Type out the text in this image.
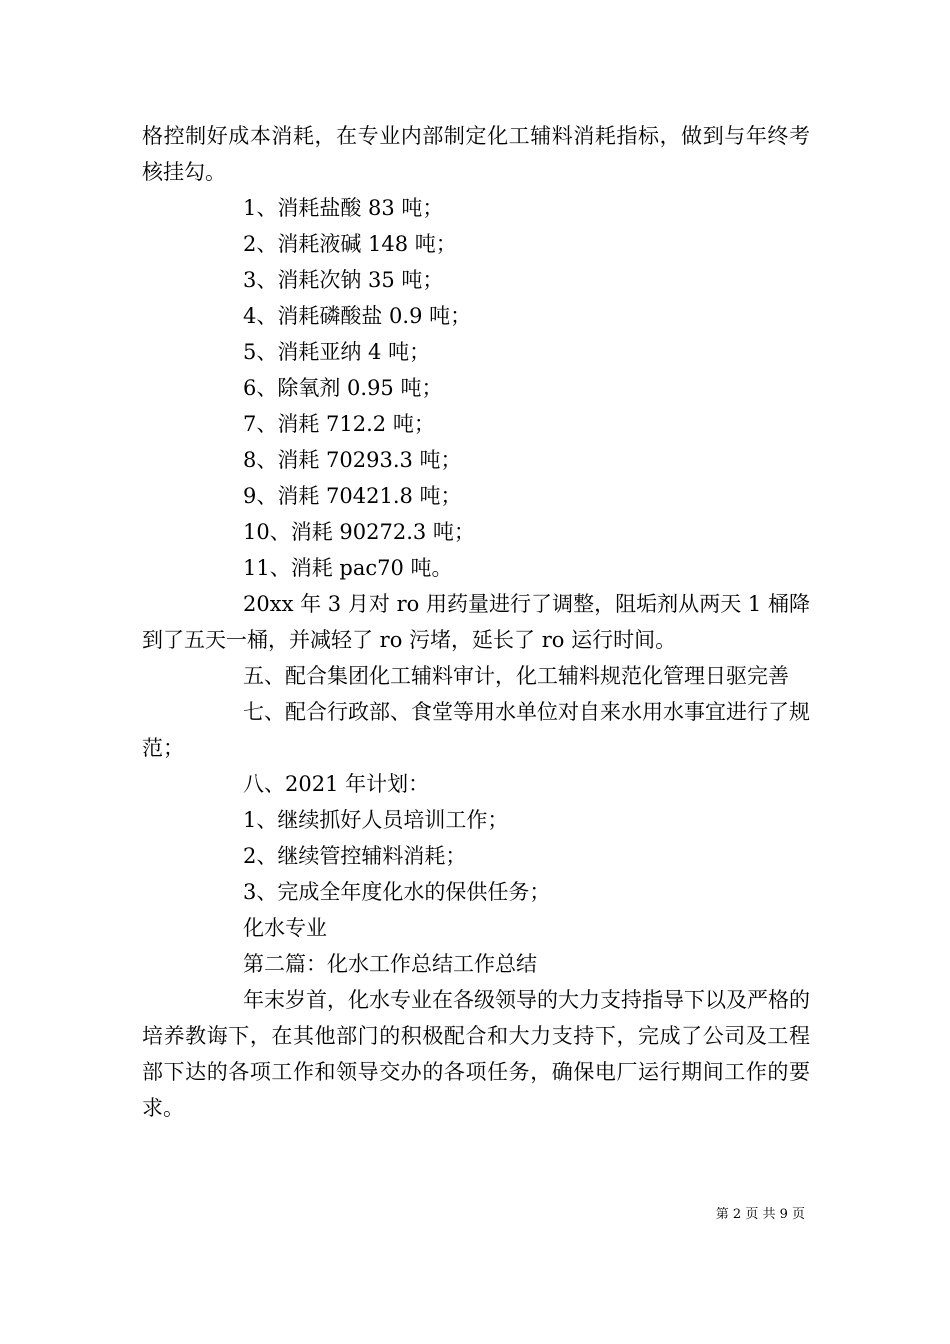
格控制好成本消耗，在专业内部制定化工辅料消耗指标，做到与年终考核挂勾。

1、消耗盐酸 83 吨；

2、消耗液碱 148 吨；

3、消耗次钠 35 吨；

4、消耗磷酸盐 0.9 吨；

5、消耗亚纳 4 吨；

6、除氧剂 0.95 吨；

7、消耗 712.2 吨；

8、消耗 70293.3 吨；

9、消耗 70421.8 吨；

10、消耗 90272.3 吨；

11、消耗 pac70 吨。

20xx 年 3 月对 ro 用药量进行了调整，阻垢剂从两天 1 桶降到了五天一桶，并减轻了 ro 污堵，延长了 ro 运行时间。

五、配合集团化工辅料审计，化工辅料规范化管理日驱完善

七、配合行政部、食堂等用水单位对自来水用水事宜进行了规范；

八、2021 年计划：

1、继续抓好人员培训工作；

2、继续管控辅料消耗；

3、完成全年度化水的保供任务；

化水专业

第二篇：化水工作总结工作总结

年末岁首，化水专业在各级领导的大力支持指导下以及严格的培养教诲下，在其他部门的积极配合和大力支持下，完成了公司及工程部下达的各项工作和领导交办的各项任务，确保电厂运行期间工作的要求。

第 2 页 共 9 页
